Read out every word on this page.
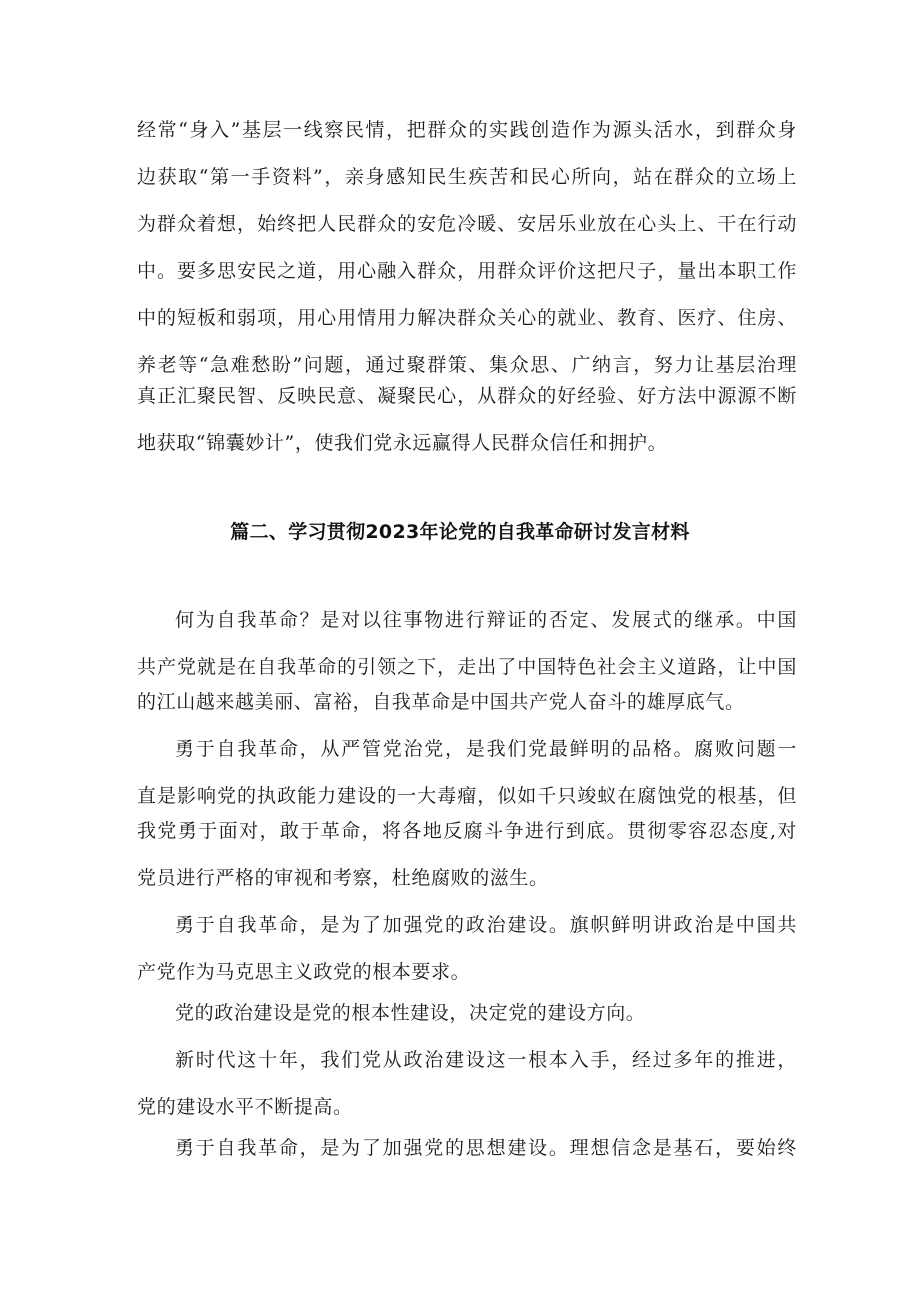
经常“身入”基层一线察民情，把群众的实践创造作为源头活水，到群众身
边获取“第一手资料”，亲身感知民生疾苦和民心所向，站在群众的立场上
为群众着想，始终把人民群众的安危冷暖、安居乐业放在心头上、干在行动
中。要多思安民之道，用心融入群众，用群众评价这把尺子，量出本职工作
中的短板和弱项，用心用情用力解决群众关心的就业、教育、医疗、住房、
养老等“急难愁盼”问题，通过聚群策、集众思、广纳言，努力让基层治理
真正汇聚民智、反映民意、凝聚民心，从群众的好经验、好方法中源源不断
地获取“锦囊妙计”，使我们党永远赢得人民群众信任和拥护。
篇二、学习贯彻2023年论党的自我革命研讨发言材料
何为自我革命？是对以往事物进行辩证的否定、发展式的继承。中国
共产党就是在自我革命的引领之下，走出了中国特色社会主义道路，让中国
的江山越来越美丽、富裕，自我革命是中国共产党人奋斗的雄厚底气。
勇于自我革命，从严管党治党，是我们党最鲜明的品格。腐败问题一
直是影响党的执政能力建设的一大毒瘤，似如千只竣蚁在腐蚀党的根基，但
我党勇于面对，敢于革命，将各地反腐斗争进行到底。贯彻零容忍态度,对
党员进行严格的审视和考察，杜绝腐败的滋生。
勇于自我革命，是为了加强党的政治建设。旗帜鲜明讲政治是中国共
产党作为马克思主义政党的根本要求。
党的政治建设是党的根本性建设，决定党的建设方向。
新时代这十年，我们党从政治建设这一根本入手，经过多年的推进，
党的建设水平不断提高。
勇于自我革命，是为了加强党的思想建设。理想信念是基石，要始终
